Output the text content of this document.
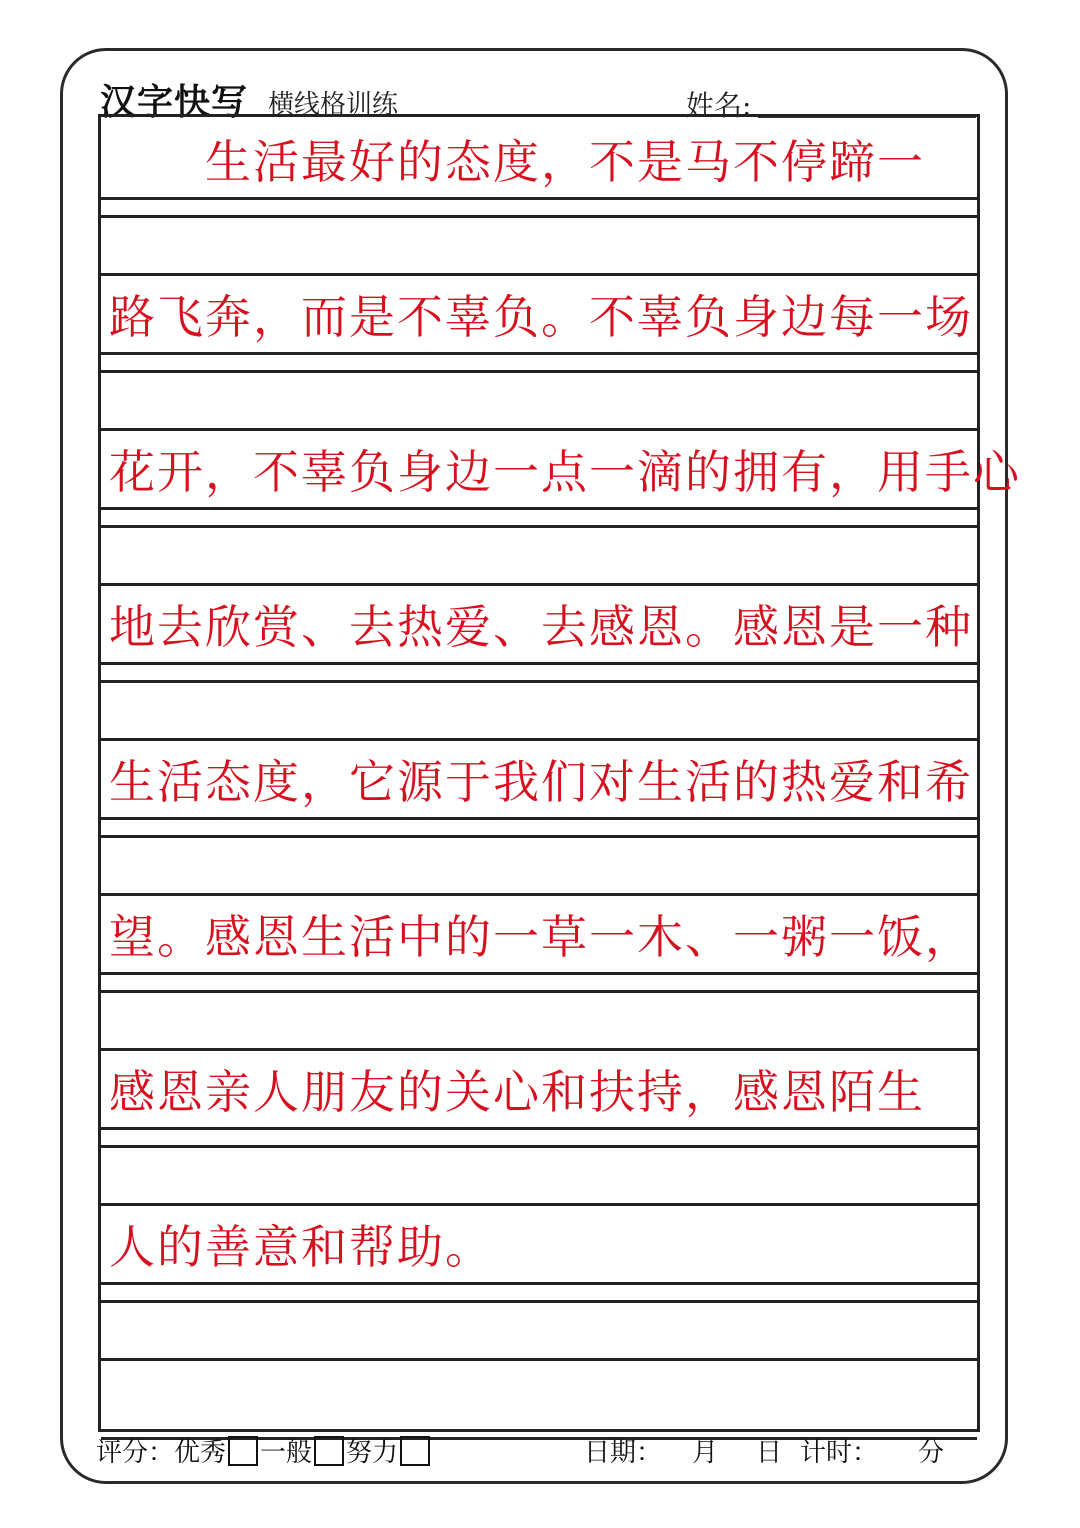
汉字快写 横线格训练	姓名:
　　生活最好的态度，不是马不停蹄一
路飞奔，而是不辜负。不辜负身边每一场
花开，不辜负身边一点一滴的拥有，用手心
地去欣赏、去热爱、去感恩。感恩是一种
生活态度，它源于我们对生活的热爱和希
望。感恩生活中的一草一木、一粥一饭，
感恩亲人朋友的关心和扶持，感恩陌生
人的善意和帮助。
评分：优秀 一般 努力	日期： 月 日 计时： 分
